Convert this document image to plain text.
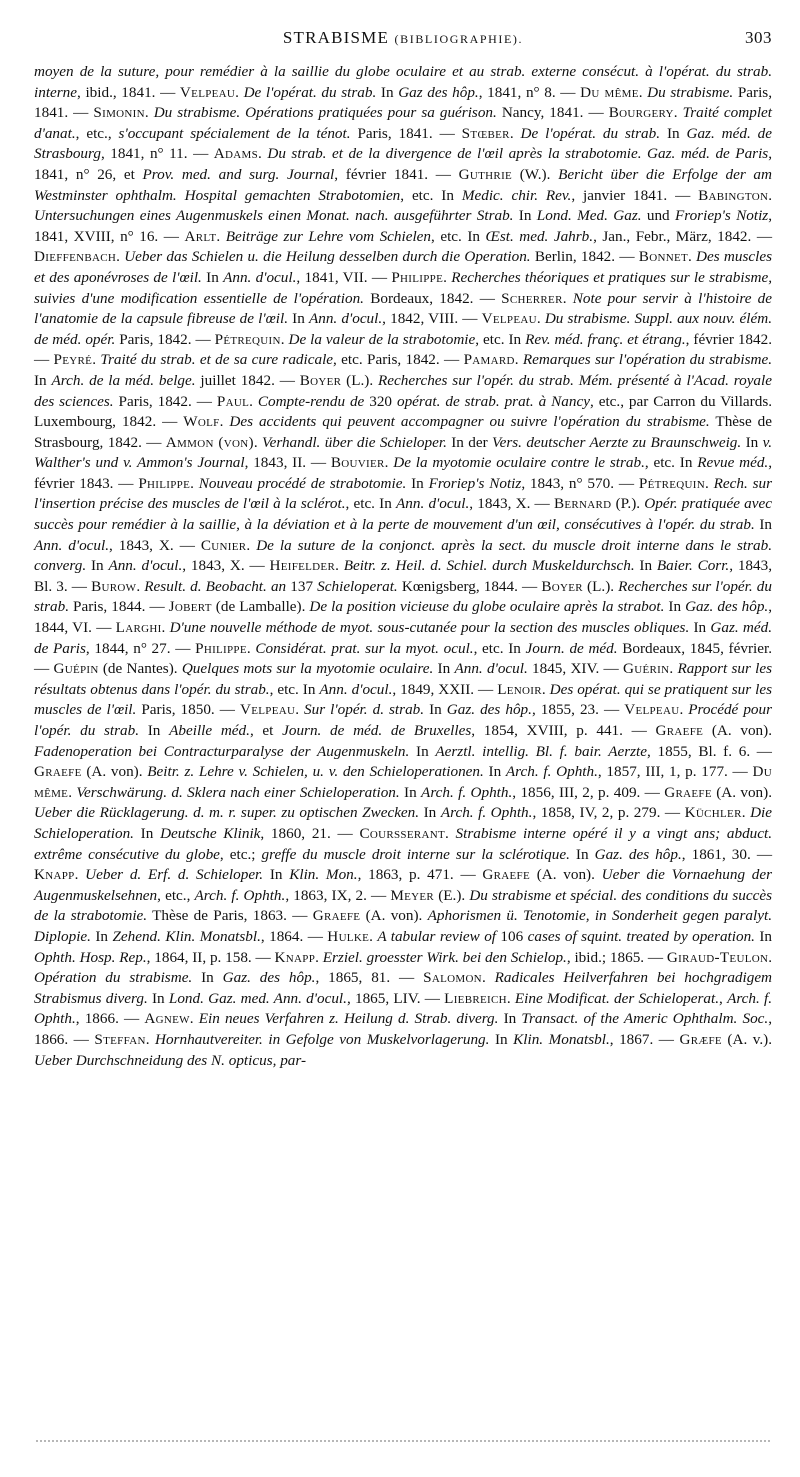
STRABISME (BIBLIOGRAPHIE).	303

moyen de la suture, pour remédier à la saillie du globe oculaire et au strab. externe consécut. à l'opérat. du strab. interne, ibid., 1841. — Velpeau. De l'opérat. du strab. In Gaz des hôp., 1841, n° 8. — Du même. Du strabisme. Paris, 1841. — Simonin. Du strabisme. Opérations pratiquées pour sa guérison. Nancy, 1841. — Bourgery. Traité complet d'anat., etc., s'occupant spécialement de la ténot. Paris, 1841. — Stœber. De l'opérat. du strab. In Gaz. méd. de Strasbourg, 1841, n° 11. — Adams. Du strab. et de la divergence de l'œil après la strabotomie. Gaz. méd. de Paris, 1841, n° 26, et Prov. med. and surg. Journal, février 1841. — Guthrie (W.). Bericht über die Erfolge der am Westminster ophthalm. Hospital gemachten Strabotomien, etc. In Medic. chir. Rev., janvier 1841. — Babington. Untersuchungen eines Augenmuskels einen Monat. nach. ausgeführter Strab. In Lond. Med. Gaz. und Froriep's Notiz, 1841, XVIII, n° 16. — Arlt. Beiträge zur Lehre vom Schielen, etc. In Œst. med. Jahrb., Jan., Febr., März, 1842. — Dieffenbach. Ueber das Schielen u. die Heilung desselben durch die Operation. Berlin, 1842. — Bonnet. Des muscles et des aponévroses de l'œil. In Ann. d'ocul., 1841, VII. — Philippe. Recherches théoriques et pratiques sur le strabisme, suivies d'une modification essentielle de l'opération. Bordeaux, 1842. — Scherrer. Note pour servir à l'histoire de l'anatomie de la capsule fibreuse de l'œil. In Ann. d'ocul., 1842, VIII. — Velpeau. Du strabisme. Suppl. aux nouv. élém. de méd. opér. Paris, 1842. — Pétrequin. De la valeur de la strabotomie, etc. In Rev. méd. franç. et étrang., février 1842. — Peyré. Traité du strab. et de sa cure radicale, etc. Paris, 1842. — Pamard. Remarques sur l'opération du strabisme. In Arch. de la méd. belge. juillet 1842. — Boyer (L.). Recherches sur l'opér. du strab. Mém. présenté à l'Acad. royale des sciences. Paris, 1842. — Paul. Compte-rendu de 320 opérat. de strab. prat. à Nancy, etc., par Carron du Villards. Luxembourg, 1842. — Wolf. Des accidents qui peuvent accompagner ou suivre l'opération du strabisme. Thèse de Strasbourg, 1842. — Ammon (von). Verhandl. über die Schieloper. In der Vers. deutscher Aerzte zu Braunschweig. In v. Walther's und v. Ammon's Journal, 1843, II. — Bouvier. De la myotomie oculaire contre le strab., etc. In Revue méd., février 1843. — Philippe. Nouveau procédé de strabotomie. In Froriep's Notiz, 1843, n° 570. — Pétrequin. Rech. sur l'insertion précise des muscles de l'œil à la sclérot., etc. In Ann. d'ocul., 1843, X. — Bernard (P.). Opér. pratiquée avec succès pour remédier à la saillie, à la déviation et à la perte de mouvement d'un œil, consécutives à l'opér. du strab. In Ann. d'ocul., 1843, X. — Cunier. De la suture de la conjonct. après la sect. du muscle droit interne dans le strab. converg. In Ann. d'ocul., 1843, X. — Heifelder. Beitr. z. Heil. d. Schiel. durch Muskeldurchsch. In Baier. Corr., 1843, Bl. 3. — Burow. Result. d. Beobacht. an 137 Schieloperat. Kœnigsberg, 1844. — Boyer (L.). Recherches sur l'opér. du strab. Paris, 1844. — Jobert (de Lamballe). De la position vicieuse du globe oculaire après la strabot. In Gaz. des hôp., 1844, VI. — Larghi. D'une nouvelle méthode de myot. sous-cutanée pour la section des muscles obliques. In Gaz. méd. de Paris, 1844, n° 27. — Philippe. Considérat. prat. sur la myot. ocul., etc. In Journ. de méd. Bordeaux, 1845, février. — Guépin (de Nantes). Quelques mots sur la myotomie oculaire. In Ann. d'ocul. 1845, XIV. — Guérin. Rapport sur les résultats obtenus dans l'opér. du strab., etc. In Ann. d'ocul., 1849, XXII. — Lenoir. Des opérat. qui se pratiquent sur les muscles de l'œil. Paris, 1850. — Velpeau. Sur l'opér. d. strab. In Gaz. des hôp., 1855, 23. — Velpeau. Procédé pour l'opér. du strab. In Abeille méd., et Journ. de méd. de Bruxelles, 1854, XVIII, p. 441. — Graefe (A. von). Fadenoperation bei Contracturparalyse der Augenmuskeln. In Aerztl. intellig. Bl. f. bair. Aerzte, 1855, Bl. f. 6. — Graefe (A. von). Beitr. z. Lehre v. Schielen, u. v. den Schieloperationen. In Arch. f. Ophth., 1857, III, 1, p. 177. — Du même. Verschwärung. d. Sklera nach einer Schieloperation. In Arch. f. Ophth., 1856, III, 2, p. 409. — Graefe (A. von). Ueber die Rücklagerung. d. m. r. super. zu optischen Zwecken. In Arch. f. Ophth., 1858, IV, 2, p. 279. — Küchler. Die Schieloperation. In Deutsche Klinik, 1860, 21. — Coursserant. Strabisme interne opéré il y a vingt ans; abduct. extrême consécutive du globe, etc.; greffe du muscle droit interne sur la sclérotique. In Gaz. des hôp., 1861, 30. — Knapp. Ueber d. Erf. d. Schieloper. In Klin. Mon., 1863, p. 471. — Graefe (A. von). Ueber die Vornaehung der Augenmuskelsehnen, etc., Arch. f. Ophth., 1863, IX, 2. — Meyer (E.). Du strabisme et spécial. des conditions du succès de la strabotomie. Thèse de Paris, 1863. — Graefe (A. von). Aphorismen ü. Tenotomie, in Sonderheit gegen paralyt. Diplopie. In Zehend. Klin. Monatsbl., 1864. — Hulke. A tabular review of 106 cases of squint. treated by operation. In Ophth. Hosp. Rep., 1864, II, p. 158. — Knapp. Erziel. groesster Wirk. bei den Schielop., ibid.; 1865. — Giraud-Teulon. Opération du strabisme. In Gaz. des hôp., 1865, 81. — Salomon. Radicales Heilverfahren bei hochgradigem Strabismus diverg. In Lond. Gaz. med. Ann. d'ocul., 1865, LIV. — Liebreich. Eine Modificat. der Schieloperat., Arch. f. Ophth., 1866. — Agnew. Ein neues Verfahren z. Heilung d. Strab. diverg. In Transact. of the Americ Ophthalm. Soc., 1866. — Steffan. Hornhautvereiter. in Gefolge von Muskelvorlagerung. In Klin. Monatsbl., 1867. — Græfe (A. v.). Ueber Durchschneidung des N. opticus, par-
